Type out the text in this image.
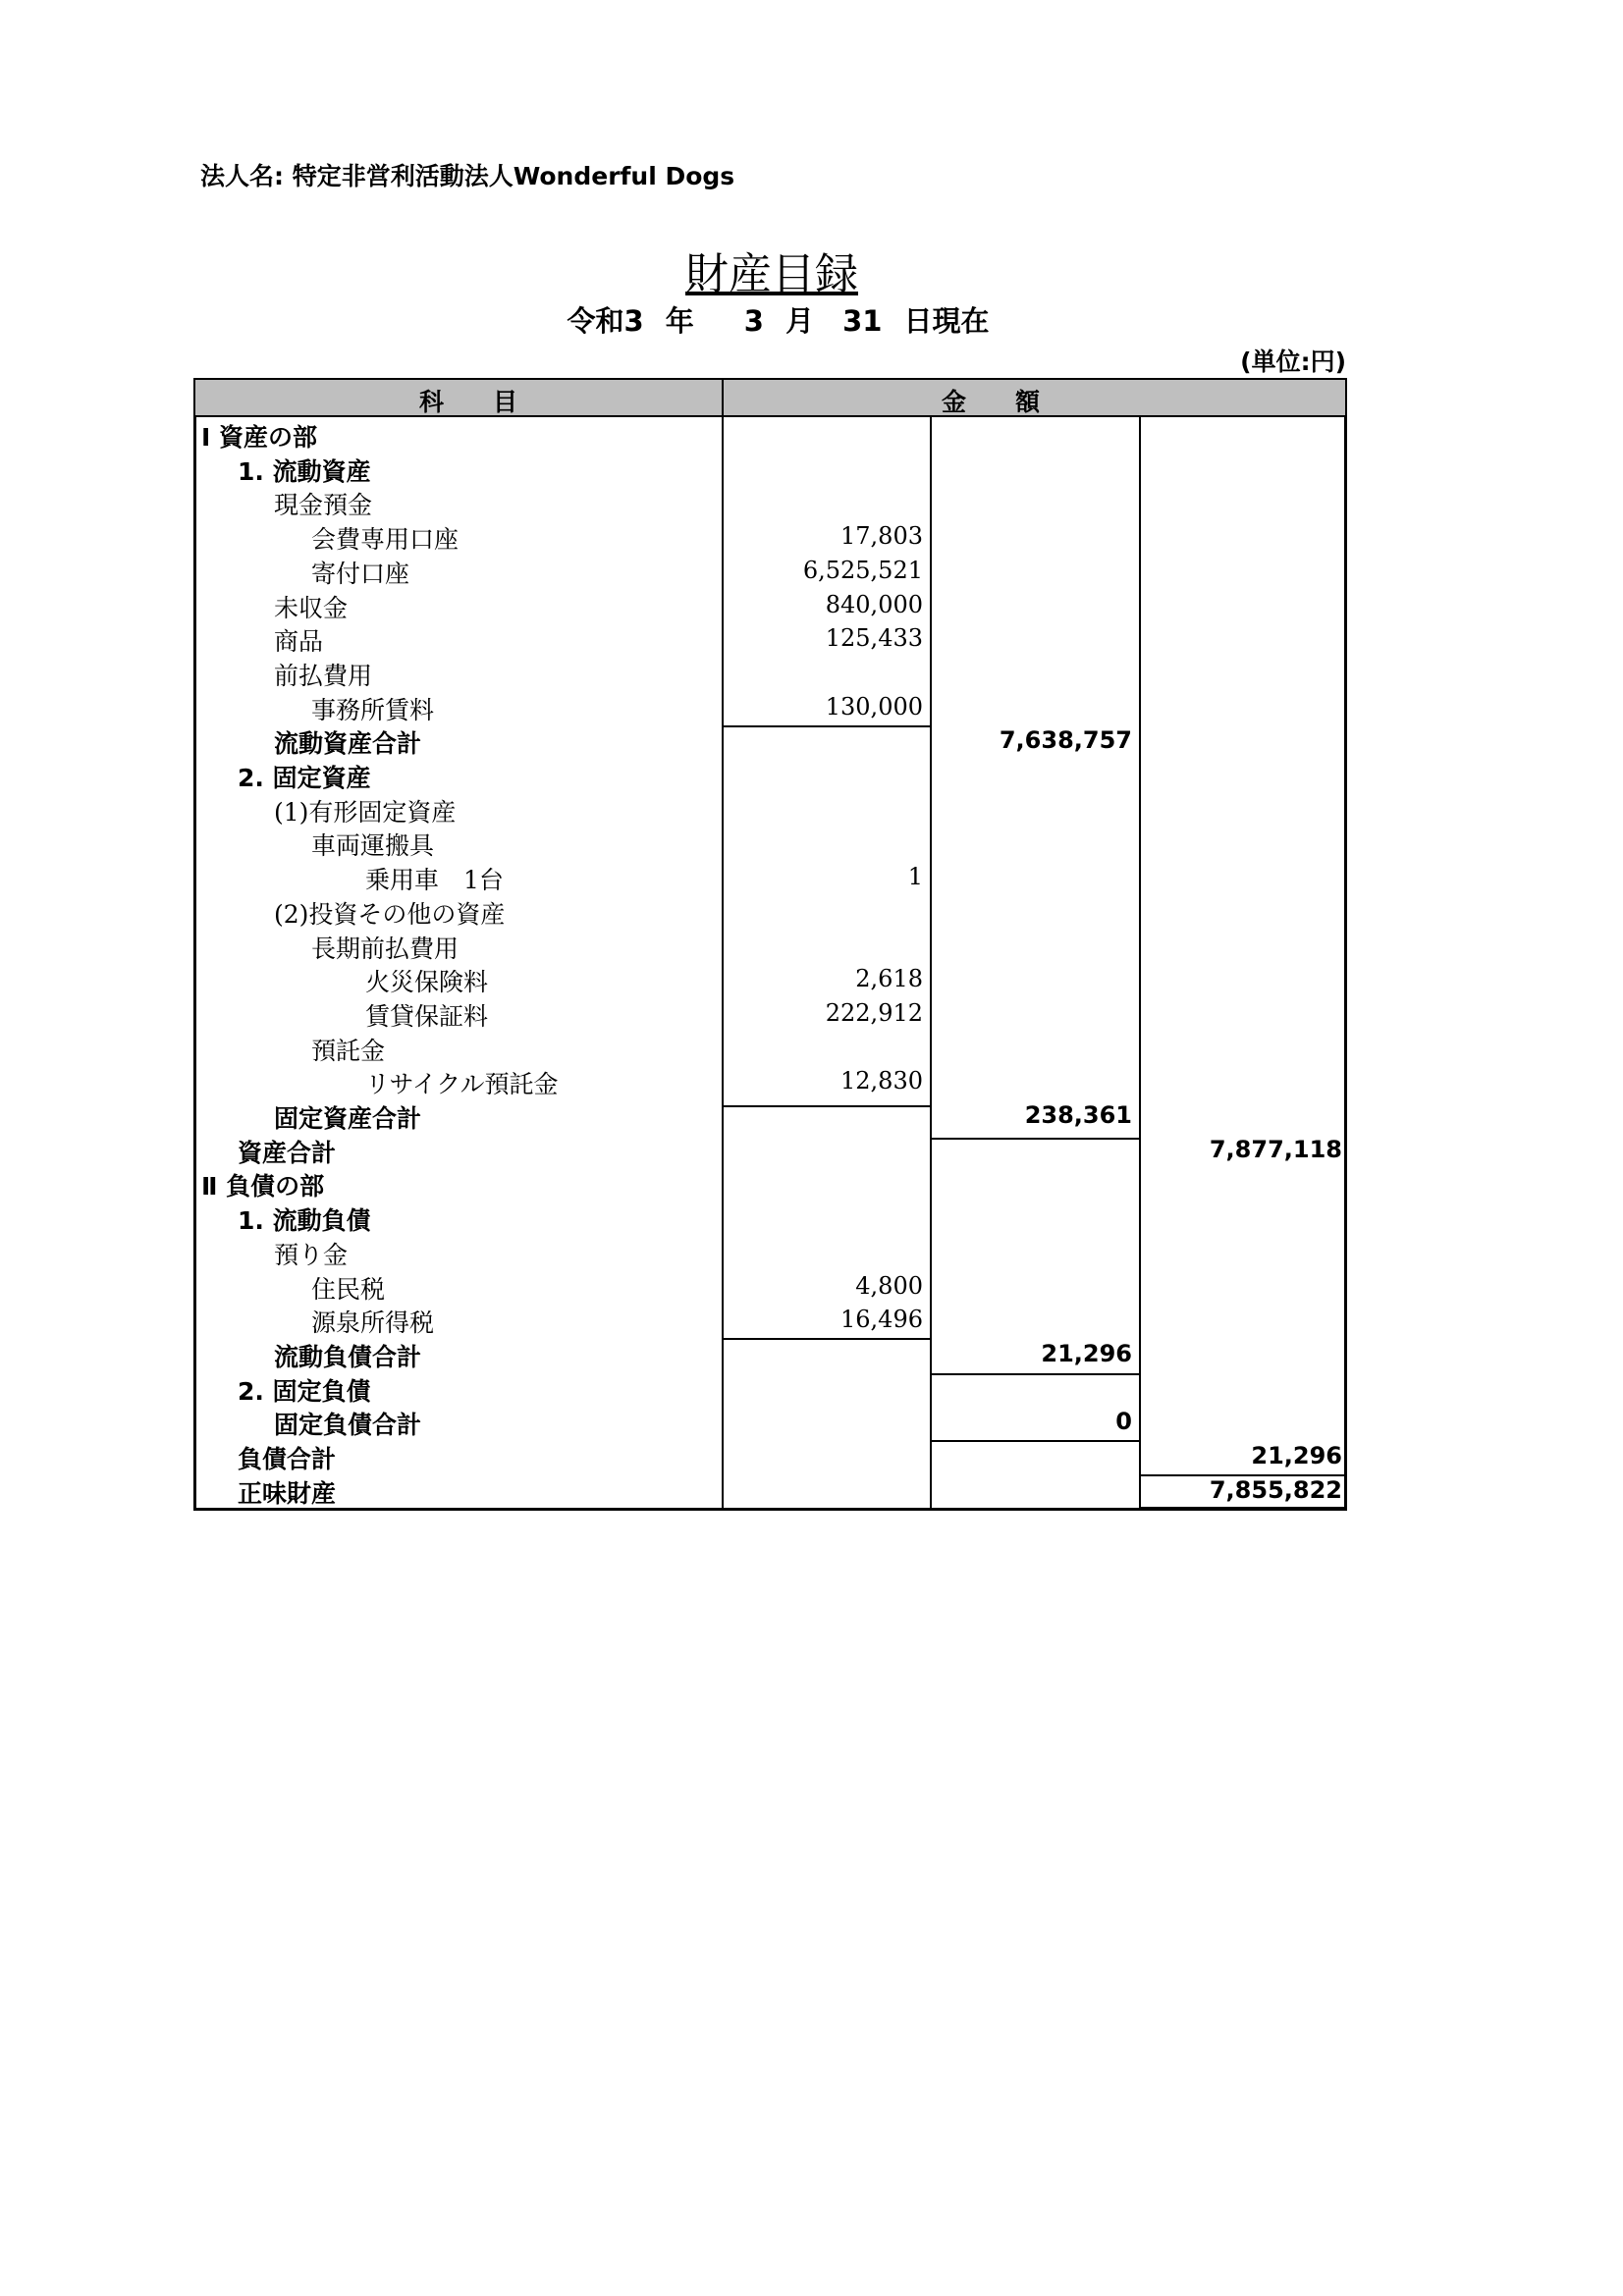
法人名: 特定非営利活動法人Wonderful Dogs
財産目録
令和3 年　 3 月　31 日現在
(単位:円)
科　　目	金　　額
Ⅰ 資産の部
1. 流動資産
現金預金
会費専用口座	17,803
寄付口座	6,525,521
未収金	840,000
商品	125,433
前払費用
事務所賃料	130,000
流動資産合計	7,638,757
2. 固定資産
(1)有形固定資産
車両運搬具
乗用車　1台	1
(2)投資その他の資産
長期前払費用
火災保険料	2,618
賃貸保証料	222,912
預託金
リサイクル預託金	12,830
固定資産合計	238,361
資産合計	7,877,118
Ⅱ 負債の部
1. 流動負債
預り金
住民税	4,800
源泉所得税	16,496
流動負債合計	21,296
2. 固定負債
固定負債合計	0
負債合計	21,296
正味財産	7,855,822
